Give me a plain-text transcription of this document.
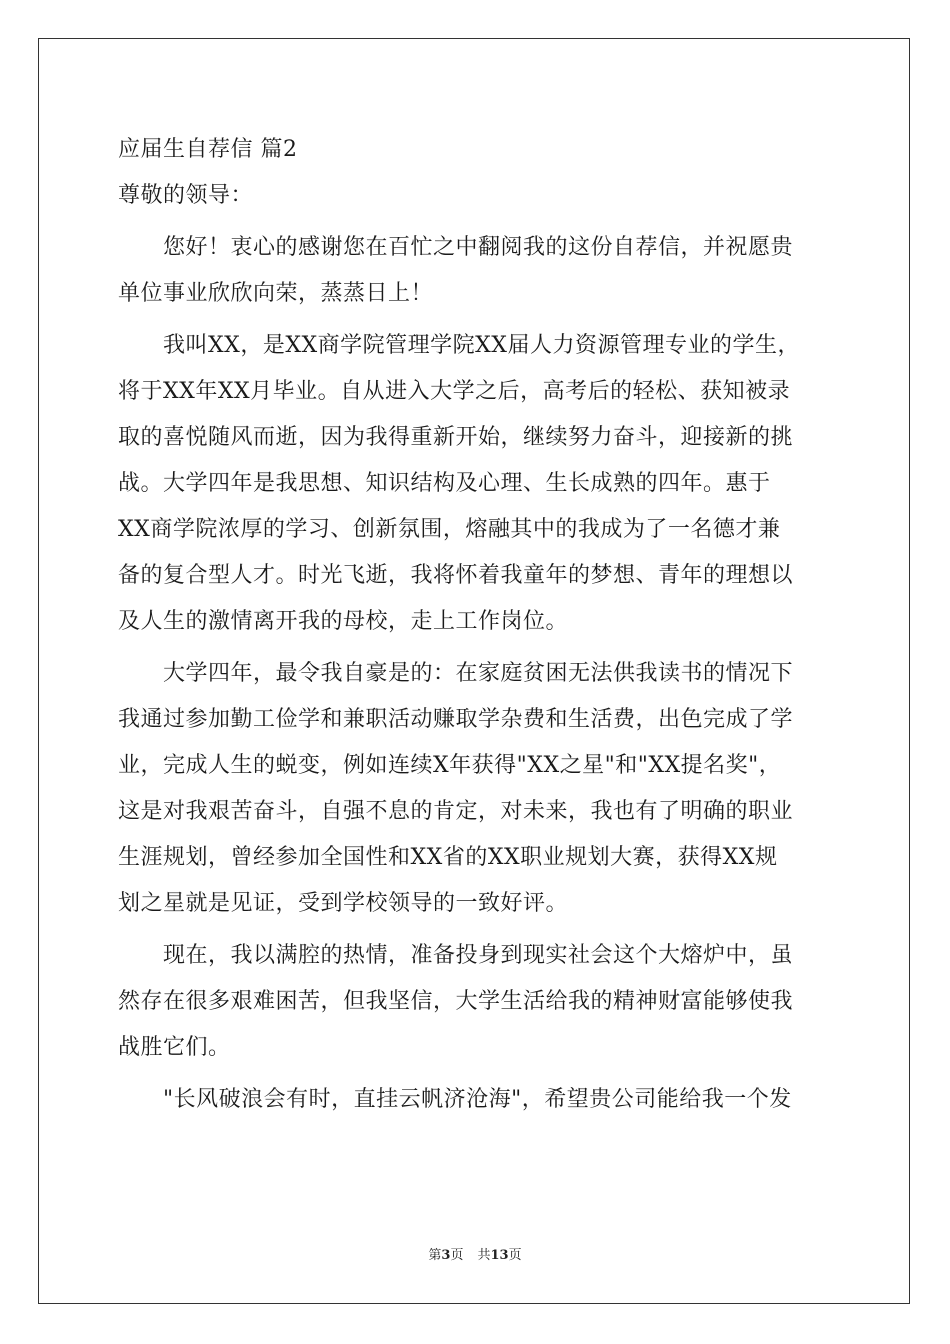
应届生自荐信 篇2
尊敬的领导：
　　您好！衷心的感谢您在百忙之中翻阅我的这份自荐信，并祝愿贵
单位事业欣欣向荣，蒸蒸日上！
　　我叫XX，是XX商学院管理学院XX届人力资源管理专业的学生，
将于XX年XX月毕业。自从进入大学之后，高考后的轻松、获知被录
取的喜悦随风而逝，因为我得重新开始，继续努力奋斗，迎接新的挑
战。大学四年是我思想、知识结构及心理、生长成熟的四年。惠于
XX商学院浓厚的学习、创新氛围，熔融其中的我成为了一名德才兼
备的复合型人才。时光飞逝，我将怀着我童年的梦想、青年的理想以
及人生的激情离开我的母校，走上工作岗位。
　　大学四年，最令我自豪是的：在家庭贫困无法供我读书的情况下
我通过参加勤工俭学和兼职活动赚取学杂费和生活费，出色完成了学
业，完成人生的蜕变，例如连续X年获得"XX之星"和"XX提名奖"，
这是对我艰苦奋斗，自强不息的肯定，对未来，我也有了明确的职业
生涯规划，曾经参加全国性和XX省的XX职业规划大赛，获得XX规
划之星就是见证，受到学校领导的一致好评。
　　现在，我以满腔的热情，准备投身到现实社会这个大熔炉中，虽
然存在很多艰难困苦，但我坚信，大学生活给我的精神财富能够使我
战胜它们。
　　"长风破浪会有时，直挂云帆济沧海"，希望贵公司能给我一个发
第3页 共13页
